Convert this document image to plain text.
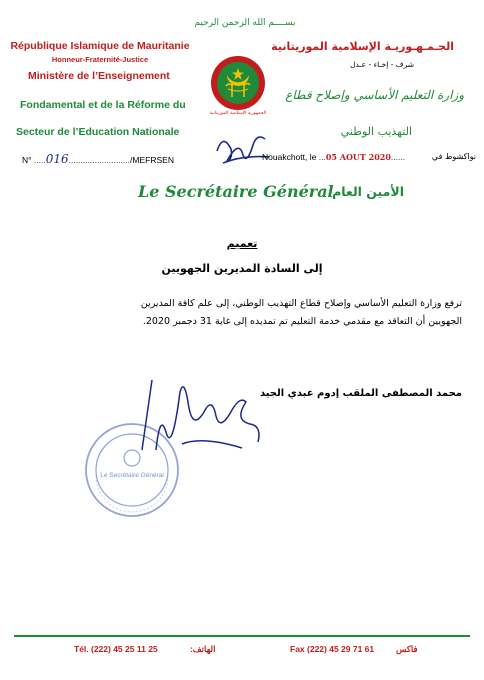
بســــم الله الرحمن الرحيم
République Islamique de Mauritanie
Honneur-Fraternité-Justice
Ministère de l’Enseignement
Fondamental et de la Réforme du
Secteur de l’Education Nationale
الجمهورية الإسلامية الموريتانية
الجـمـهـوريـة الإسلامية الموريتانية
شرف - إخـاء - عـدل
وزارة التعليم الأساسي وإصلاح قطاع
التهذيب الوطني
N° .....016........................../MEFRSEN	Nouakchott, le ...05 AOUT 2020......	نواكشوط في
Le Secrétaire Général
الأمين العام
تعميم
إلى السادة المديرين الجهويين
ترفع وزارة التعليم الأساسي وإصلاح قطاع التهذيب الوطني، إلى علم كافة المديرين
الجهويين أن التعاقد مع مقدمي خدمة التعليم تم تمديده إلى غاية 31 دجمبر 2020.
محمد المصطفى الملقب إدوم عبدي الجيد
Le Secrétaire Général
Tél. (222) 45 25 11 25	الهاتف:	Fax (222) 45 29 71 61	فاكس
